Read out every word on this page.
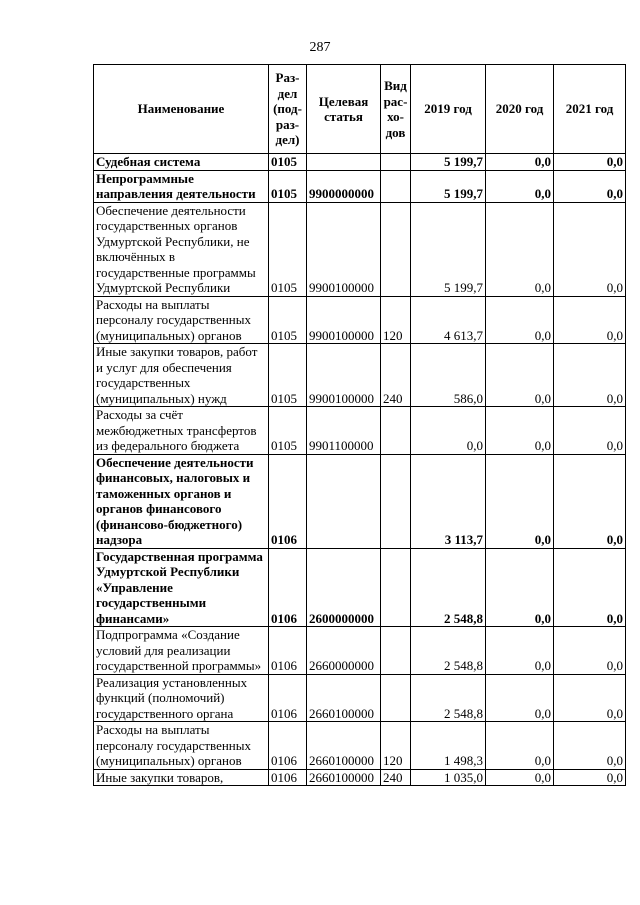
287
Наименование	Раз-дел (под-раз-дел)	Целевая статья	Вид рас-хо-дов	2019 год	2020 год	2021 год
Судебная система	0105			5 199,7	0,0	0,0
Непрограммные направления деятельности	0105	9900000000		5 199,7	0,0	0,0
Обеспечение деятельности государственных органов Удмуртской Республики, не включённых в государственные программы Удмуртской Республики	0105	9900100000		5 199,7	0,0	0,0
Расходы на выплаты персоналу государственных (муниципальных) органов	0105	9900100000	120	4 613,7	0,0	0,0
Иные закупки товаров, работ и услуг для обеспечения государственных (муниципальных) нужд	0105	9900100000	240	586,0	0,0	0,0
Расходы за счёт межбюджетных трансфертов из федерального бюджета	0105	9901100000		0,0	0,0	0,0
Обеспечение деятельности финансовых, налоговых и таможенных органов и органов финансового (финансово-бюджетного) надзора	0106			3 113,7	0,0	0,0
Государственная программа Удмуртской Республики «Управление государственными финансами»	0106	2600000000		2 548,8	0,0	0,0
Подпрограмма «Создание условий для реализации государственной программы»	0106	2660000000		2 548,8	0,0	0,0
Реализация установленных функций (полномочий) государственного органа	0106	2660100000		2 548,8	0,0	0,0
Расходы на выплаты персоналу государственных (муниципальных) органов	0106	2660100000	120	1 498,3	0,0	0,0
Иные закупки товаров,	0106	2660100000	240	1 035,0	0,0	0,0
